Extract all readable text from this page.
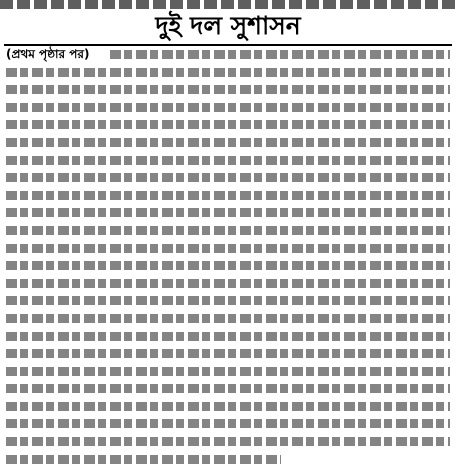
দুই দল সুশাসন
(প্রথম পৃষ্ঠার পর)
